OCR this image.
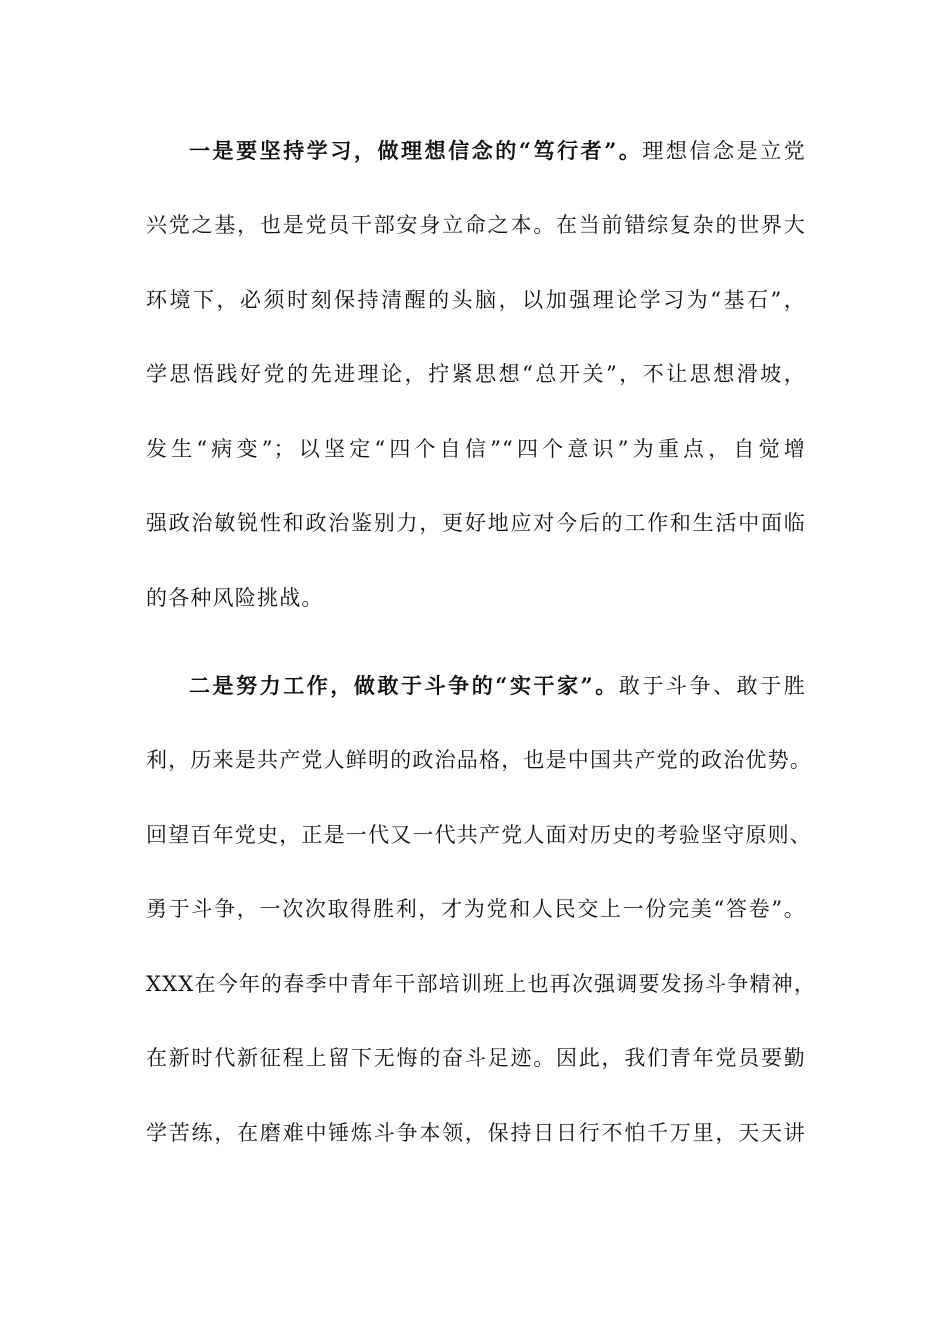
一是要坚持学习，做理想信念的“笃行者”。理想信念是立党
兴党之基，也是党员干部安身立命之本。在当前错综复杂的世界大
环境下，必须时刻保持清醒的头脑，以加强理论学习为“基石”，
学思悟践好党的先进理论，拧紧思想“总开关”，不让思想滑坡，
发生“病变”；以坚定“四个自信”“四个意识”为重点，自觉增
强政治敏锐性和政治鉴别力，更好地应对今后的工作和生活中面临
的各种风险挑战。
二是努力工作，做敢于斗争的“实干家”。敢于斗争、敢于胜
利，历来是共产党人鲜明的政治品格，也是中国共产党的政治优势。
回望百年党史，正是一代又一代共产党人面对历史的考验坚守原则、
勇于斗争，一次次取得胜利，才为党和人民交上一份完美“答卷”。
XXX在今年的春季中青年干部培训班上也再次强调要发扬斗争精神，
在新时代新征程上留下无悔的奋斗足迹。因此，我们青年党员要勤
学苦练，在磨难中锤炼斗争本领，保持日日行不怕千万里，天天讲
